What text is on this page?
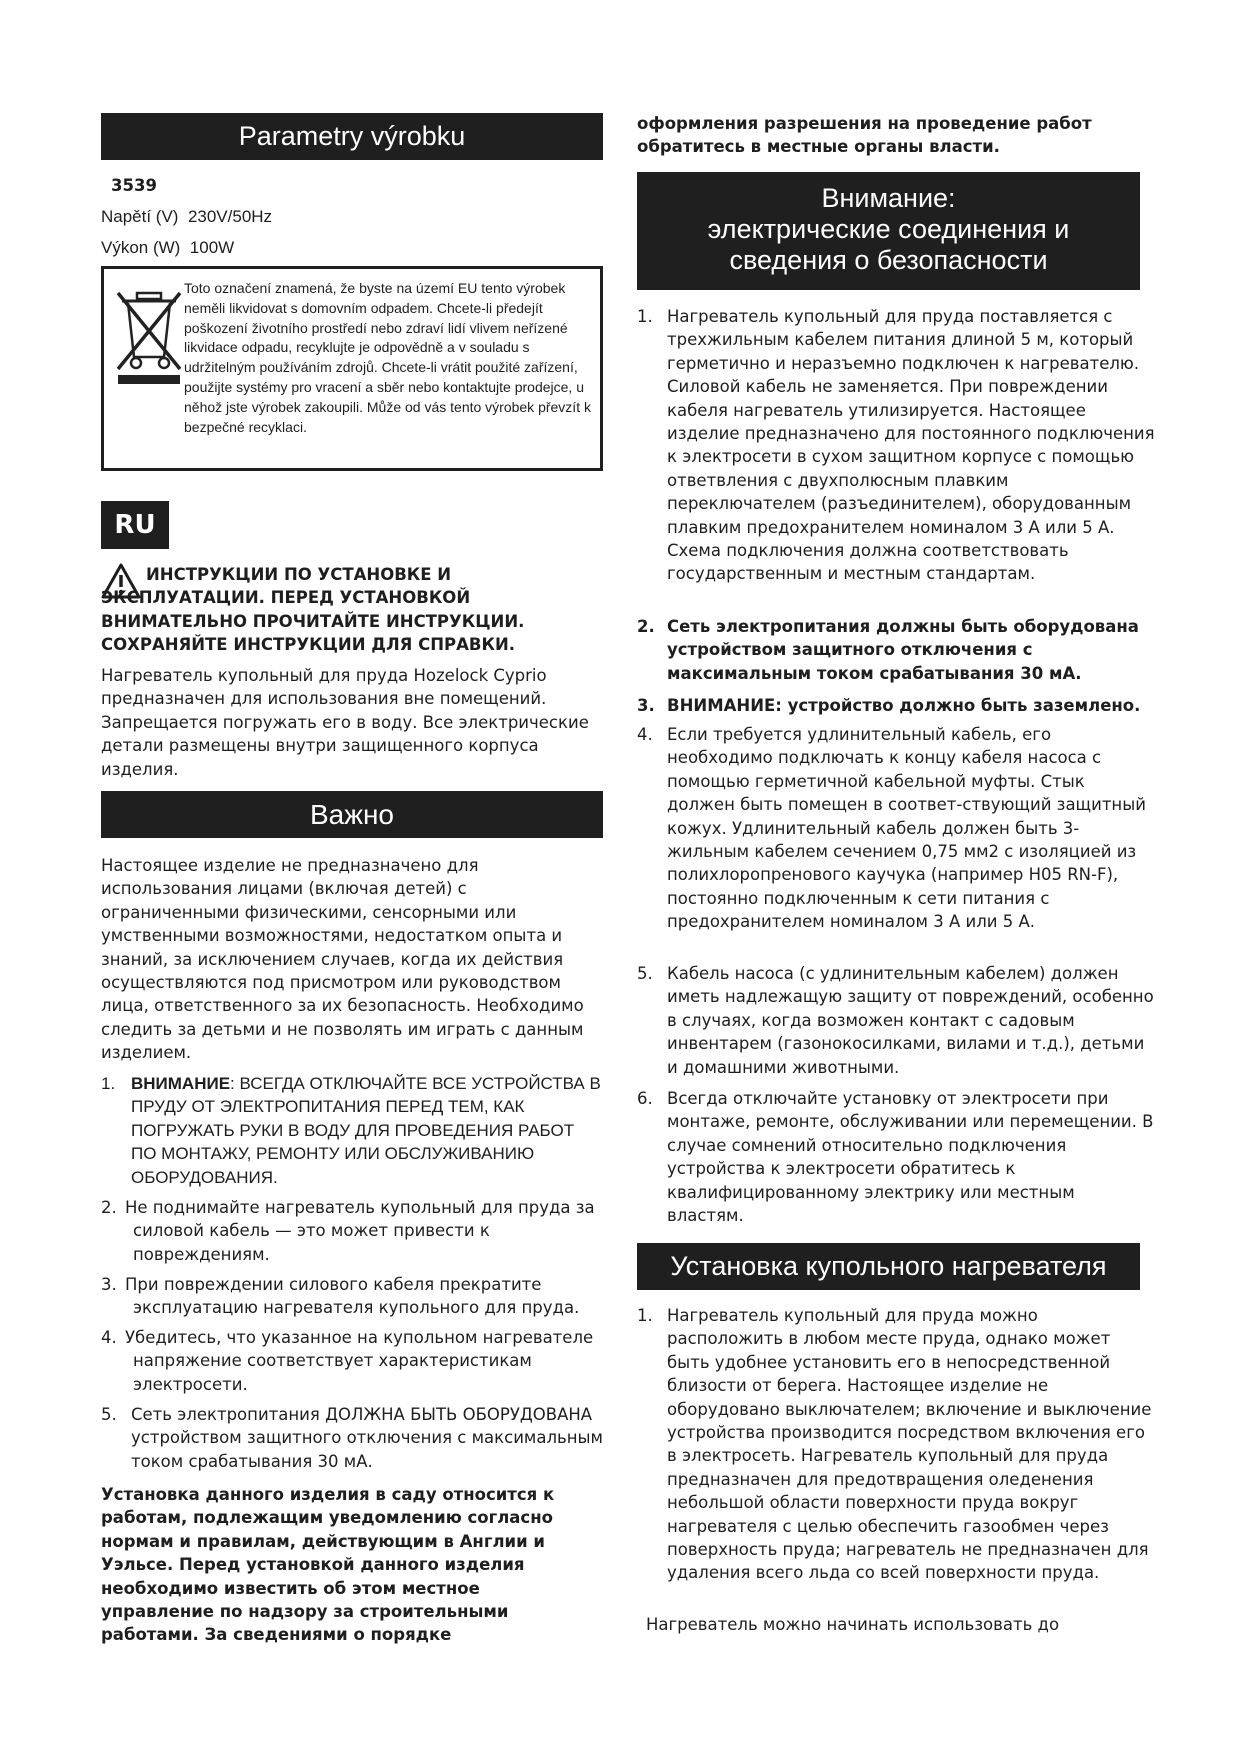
Parametry výrobku
3539
Napětí (V) 230V/50Hz
Výkon (W) 100W
Toto označení znamená, že byste na území EU tento výrobek neměli likvidovat s domovním odpadem. Chcete-li předejít poškození životního prostředí nebo zdraví lidí vlivem neřízené likvidace odpadu, recyklujte je odpovědně a v souladu s udržitelným používáním zdrojů. Chcete-li vrátit použité zařízení, použijte systémy pro vracení a sběr nebo kontaktujte prodejce, u něhož jste výrobek zakoupili. Může od vás tento výrobek převzít k bezpečné recyklaci.
RU
ИНСТРУКЦИИ ПО УСТАНОВКЕ И ЭКСПЛУАТАЦИИ. ПЕРЕД УСТАНОВКОЙ ВНИМАТЕЛЬНО ПРОЧИТАЙТЕ ИНСТРУКЦИИ. СОХРАНЯЙТЕ ИНСТРУКЦИИ ДЛЯ СПРАВКИ.
Нагреватель купольный для пруда Hozelock Cyprio предназначен для использования вне помещений. Запрещается погружать его в воду. Все электрические детали размещены внутри защищенного корпуса изделия.
Важно
Настоящее изделие не предназначено для использования лицами (включая детей) с ограниченными физическими, сенсорными или умственными возможностями, недостатком опыта и знаний, за исключением случаев, когда их действия осуществляются под присмотром или руководством лица, ответственного за их безопасность. Необходимо следить за детьми и не позволять им играть с данным изделием.
1. ВНИМАНИЕ: ВСЕГДА ОТКЛЮЧАЙТЕ ВСЕ УСТРОЙСТВА В ПРУДУ ОТ ЭЛЕКТРОПИТАНИЯ ПЕРЕД ТЕМ, КАК ПОГРУЖАТЬ РУКИ В ВОДУ ДЛЯ ПРОВЕДЕНИЯ РАБОТ ПО МОНТАЖУ, РЕМОНТУ ИЛИ ОБСЛУЖИВАНИЮ ОБОРУДОВАНИЯ.
2. Не поднимайте нагреватель купольный для пруда за силовой кабель — это может привести к повреждениям.
3. При повреждении силового кабеля прекратите эксплуатацию нагревателя купольного для пруда.
4. Убедитесь, что указанное на купольном нагревателе напряжение соответствует характеристикам электросети.
5. Сеть электропитания ДОЛЖНА БЫТЬ ОБОРУДОВАНА устройством защитного отключения с максимальным током срабатывания 30 мА.
Установка данного изделия в саду относится к работам, подлежащим уведомлению согласно нормам и правилам, действующим в Англии и Уэльсе. Перед установкой данного изделия необходимо известить об этом местное управление по надзору за строительными работами. За сведениями о порядке
оформления разрешения на проведение работ обратитесь в местные органы власти.
Внимание:
электрические соединения и
сведения о безопасности
1. Нагреватель купольный для пруда поставляется с трехжильным кабелем питания длиной 5 м, который герметично и неразъемно подключен к нагревателю. Силовой кабель не заменяется. При повреждении кабеля нагреватель утилизируется. Настоящее изделие предназначено для постоянного подключения к электросети в сухом защитном корпусе с помощью ответвления с двухполюсным плавким переключателем (разъединителем), оборудованным плавким предохранителем номиналом 3 А или 5 А. Схема подключения должна соответствовать государственным и местным стандартам.
2. Сеть электропитания должны быть оборудована устройством защитного отключения с максимальным током срабатывания 30 мА.
3. ВНИМАНИЕ: устройство должно быть заземлено.
4. Если требуется удлинительный кабель, его необходимо подключать к концу кабеля насоса с помощью герметичной кабельной муфты. Стык должен быть помещен в соответ-ствующий защитный кожух. Удлинительный кабель должен быть 3-жильным кабелем сечением 0,75 мм2 с изоляцией из полихлоропренового каучука (например H05 RN-F), постоянно подключенным к сети питания с предохранителем номиналом 3 А или 5 А.
5. Кабель насоса (с удлинительным кабелем) должен иметь надлежащую защиту от повреждений, особенно в случаях, когда возможен контакт с садовым инвентарем (газонокосилками, вилами и т.д.), детьми и домашними животными.
6. Всегда отключайте установку от электросети при монтаже, ремонте, обслуживании или перемещении. В случае сомнений относительно подключения устройства к электросети обратитесь к квалифицированному электрику или местным властям.
Установка купольного нагревателя
1. Нагреватель купольный для пруда можно расположить в любом месте пруда, однако может быть удобнее установить его в непосредственной близости от берега. Настоящее изделие не оборудовано выключателем; включение и выключение устройства производится посредством включения его в электросеть. Нагреватель купольный для пруда предназначен для предотвращения оледенения небольшой области поверхности пруда вокруг нагревателя с целью обеспечить газообмен через поверхность пруда; нагреватель не предназначен для удаления всего льда со всей поверхности пруда.
Нагреватель можно начинать использовать до
